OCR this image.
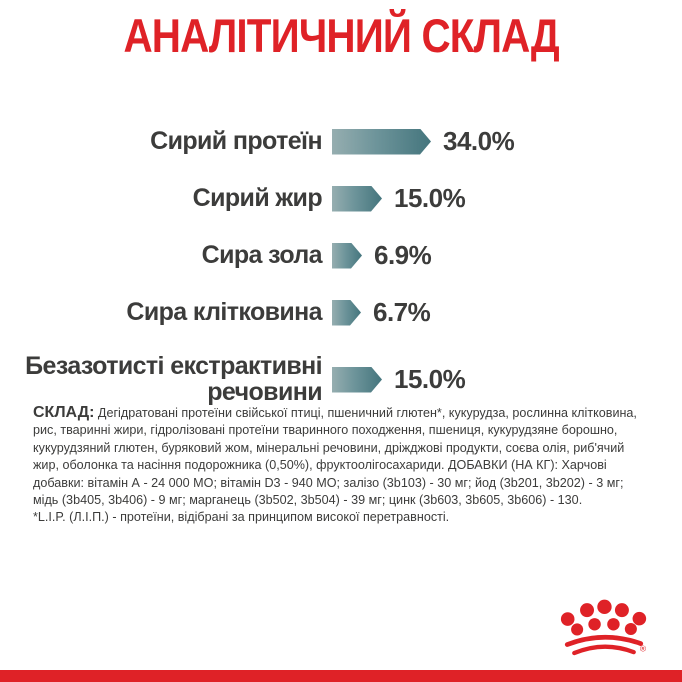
АНАЛІТИЧНИЙ СКЛАД
Сирий протеїн	34.0%
Сирий жир	15.0%
Сира зола	6.9%
Сира клітковина	6.7%
Безазотисті екстрактивні речовини	15.0%
СКЛАД: Дегідратовані протеїни свійської птиці, пшеничний глютен*, кукурудза, рослинна клітковина, рис, тваринні жири, гідролізовані протеїни тваринного походження, пшениця, кукурудзяне борошно, кукурудзяний глютен, буряковий жом, мінеральні речовини, дріжджові продукти, соєва олія, риб'ячий жир, оболонка та насіння подорожника (0,50%), фруктоолігосахариди. ДОБАВКИ (НА КГ): Харчові добавки: вітамін А - 24 000 МО; вітамін D3 - 940 МО; залізо (3b103) - 30 мг; йод (3b201, 3b202) - 3 мг; мідь (3b405, 3b406) - 9 мг; марганець (3b502, 3b504) - 39 мг; цинк (3b603, 3b605, 3b606) - 130.
*L.I.P. (Л.І.П.) - протеїни, відібрані за принципом високої перетравності.
®
